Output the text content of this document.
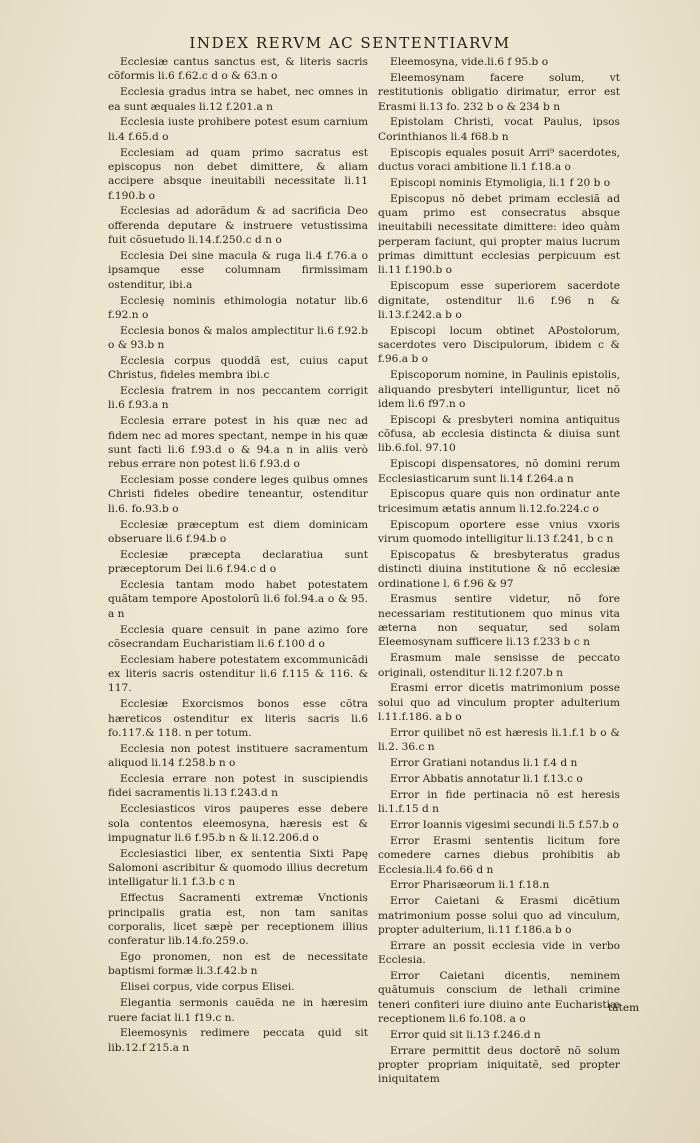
INDEX RERVM AC SENTENTIARVM

Ecclesiæ cantus sanctus est, & literis sacris cõformis li.6 f.62.c d o & 63.n o

Ecclesia gradus intra se habet, nec omnes in ea sunt æquales li.12 f.201.a n

Ecclesia iuste prohibere potest esum carnium li.4 f.65.d o

Ecclesiam ad quam primo sacratus est episcopus non debet dimittere, & aliam accipere absque ineuitabili necessitate li.11 f.190.b o

Ecclesias ad adorãdum & ad sacrificia Deo offerenda deputare & instruere vetustissima fuit cõsuetudo li.14.f.250.c d n o

Ecclesia Dei sine macula & ruga li.4 f.76.a o ipsamque esse columnam firmissimam ostenditur, ibi.a

Ecclesię nominis ethimologia notatur lib.6 f.92.n o

Ecclesia bonos & malos amplectitur li.6 f.92.b o & 93.b n

Ecclesia corpus quoddã est, cuius caput Christus, fideles membra ibi.c

Ecclesia fratrem in nos peccantem corrigit li.6 f.93.a n

Ecclesia errare potest in his quæ nec ad fidem nec ad mores spectant, nempe in his quæ sunt facti li.6 f.93.d o & 94.a n in aliis verò rebus errare non potest li.6 f.93.d o

Ecclesiam posse condere leges quibus omnes Christi fideles obedire teneantur, ostenditur li.6. fo.93.b o

Ecclesiæ præceptum est diem dominicam obseruare li.6 f.94.b o

Ecclesiæ præcepta declaratiua sunt præceptorum Dei li.6 f.94.c d o

Ecclesia tantam modo habet potestatem quãtam tempore Apostolorũ li.6 fol.94.a o & 95. a n

Ecclesia quare censuit in pane azimo fore cõsecrandam Eucharistiam li.6 f.100 d o

Ecclesiam habere potestatem excommunicãdi ex literis sacris ostenditur li.6 f.115 & 116. & 117.

Ecclesiæ Exorcismos bonos esse cõtra hæreticos ostenditur ex literis sacris li.6 fo.117.& 118. n per totum.

Ecclesia non potest instituere sacramentum aliquod li.14 f.258.b n o

Ecclesia errare non potest in suscipiendis fidei sacramentis li.13 f.243.d n

Ecclesiasticos viros pauperes esse debere sola contentos eleemosyna, hæresis est & impugnatur li.6 f.95.b n & li.12.206.d o

Ecclesiastici liber, ex sententia Sixti Papę Salomoni ascribitur & quomodo illius decretum intelligatur li.1 f.3.b c n

Effectus Sacramenti extremæ Vnctionis principalis gratia est, non tam sanitas corporalis, licet sæpè per receptionem illius conferatur lib.14.fo.259.o.

Ego pronomen, non est de necessitate baptismi formæ li.3.f.42.b n

Elisei corpus, vide corpus Elisei.

Elegantia sermonis cauẽda ne in hæresim ruere faciat li.1 f19.c n.

Eleemosynis redimere peccata quid sit lib.12.f 215.a n

Eleemosyna, vide.li.6 f 95.b o

Eleemosynam facere solum, vt restitutionis obligatio dirimatur, error est Erasmi li.13 fo. 232 b o & 234 b n

Epistolam Christi, vocat Paulus, ipsos Corinthianos li.4 f68.b n

Episcopis equales posuit Arri⁹ sacerdotes, ductus voraci ambitione li.1 f.18.a o

Episcopi nominis Etymoligia, li.1 f 20 b o

Episcopus nõ debet primam ecclesiã ad quam primo est consecratus absque ineuitabili necessitate dimittere: ideo quàm perperam faciunt, qui propter maius lucrum primas dimittunt ecclesias perpicuum est li.11 f.190.b o

Episcopum esse superiorem sacerdote dignitate, ostenditur li.6 f.96 n & li.13.f.242.a b o

Episcopi locum obtinet APostolorum, sacerdotes vero Discipulorum, ibidem c & f.96.a b o

Episcoporum nomine, in Paulinis epistolis, aliquando presbyteri intelliguntur, licet nõ idem li.6 f97.n o

Episcopi & presbyteri nomina antiquitus cõfusa, ab ecclesia distincta & diuisa sunt lib.6.fol. 97.10

Episcopi dispensatores, nõ domini rerum Ecclesiasticarum sunt li.14 f.264.a n

Episcopus quare quis non ordinatur ante tricesimum ætatis annum li.12.fo.224.c o

Episcopum oportere esse vnius vxoris virum quomodo intelligitur li.13 f.241, b c n

Episcopatus & bresbyteratus gradus distincti diuina institutione & nõ ecclesiæ ordinatione l. 6 f.96 & 97

Erasmus sentire videtur, nõ fore necessariam restitutionem quo minus vita æterna non sequatur, sed solam Eleemosynam sufficere li.13 f.233 b c n

Erasmum male sensisse de peccato originali, ostenditur li.12 f.207.b n

Erasmi error dicetis matrimonium posse solui quo ad vinculum propter adulterium l.11.f.186. a b o

Error quilibet nõ est hæresis li.1.f.1 b o & li.2. 36.c n

Error Gratiani notandus li.1 f.4 d n

Error Abbatis annotatur li.1 f.13.c o

Error in fide pertinacia nõ est heresis li.1.f.15 d n

Error Ioannis vigesimi secundi li.5 f.57.b o

Error Erasmi sententis licitum fore comedere carnes diebus prohibitis ab Ecclesia.li.4 fo.66 d n

Error Pharisæorum li.1 f.18.n

Error Caietani & Erasmi dicẽtium matrimonium posse solui quo ad vinculum, propter adulterium, li.11 f.186.a b o

Errare an possit ecclesia vide in verbo Ecclesia.

Error Caietani dicentis, neminem quãtumuis conscium de lethali crimine teneri confiteri iure diuino ante Eucharistiæ receptionem li.6 fo.108. a o

Error quid sit li.13 f.246.d n

Errare permittit deus doctorẽ nõ solum propter propriam iniquitatẽ, sed propter iniquitatem

tatem
